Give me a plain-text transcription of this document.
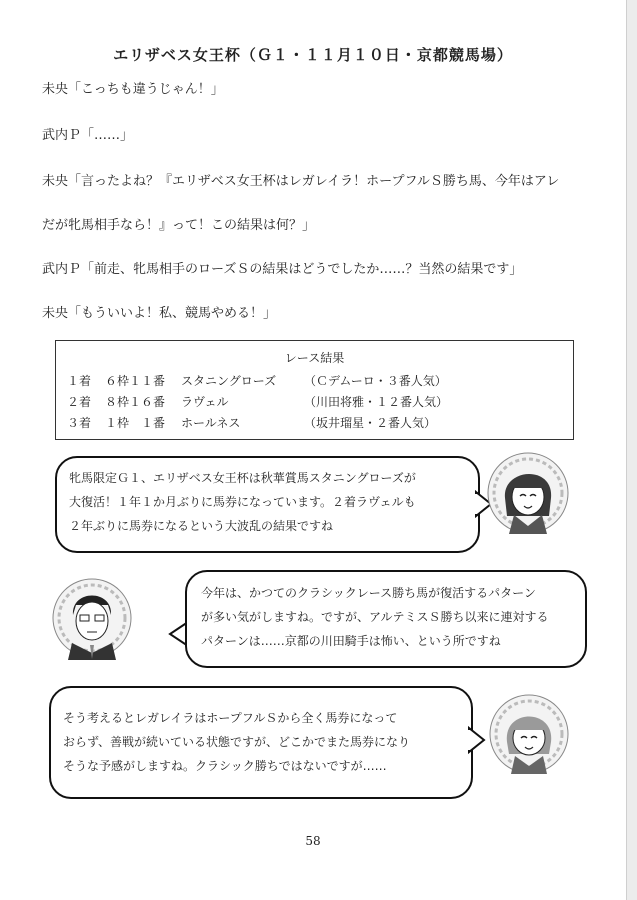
エリザベス女王杯（Ｇ１・１１月１０日・京都競馬場）
未央「こっちも違うじゃん！」
武内Ｐ「……」
未央「言ったよね？『エリザベス女王杯はレガレイラ！ホープフルＳ勝ち馬、今年はアレ
だが牝馬相手なら！』って！この結果は何？」
武内Ｐ「前走、牝馬相手のローズＳの結果はどうでしたか……？当然の結果です」
未央「もういいよ！私、競馬やめる！」
レース結果
１着 ６枠１１番 スタニングローズ （Ｃデムーロ・３番人気）
２着 ８枠１６番 ラヴェル	（川田将雅・１２番人気）
３着 １枠　１番 ホールネス	（坂井瑠星・２番人気）
牝馬限定Ｇ１、エリザベス女王杯は秋華賞馬スタニングローズが
大復活！１年１か月ぶりに馬券になっています。２着ラヴェルも
２年ぶりに馬券になるという大波乱の結果ですね
今年は、かつてのクラシックレース勝ち馬が復活するパターン
が多い気がしますね。ですが、アルテミスＳ勝ち以来に連対する
パターンは……京都の川田騎手は怖い、という所ですね
そう考えるとレガレイラはホープフルＳから全く馬券になって
おらず、善戦が続いている状態ですが、どこかでまた馬券になり
そうな予感がしますね。クラシック勝ちではないですが……
58
